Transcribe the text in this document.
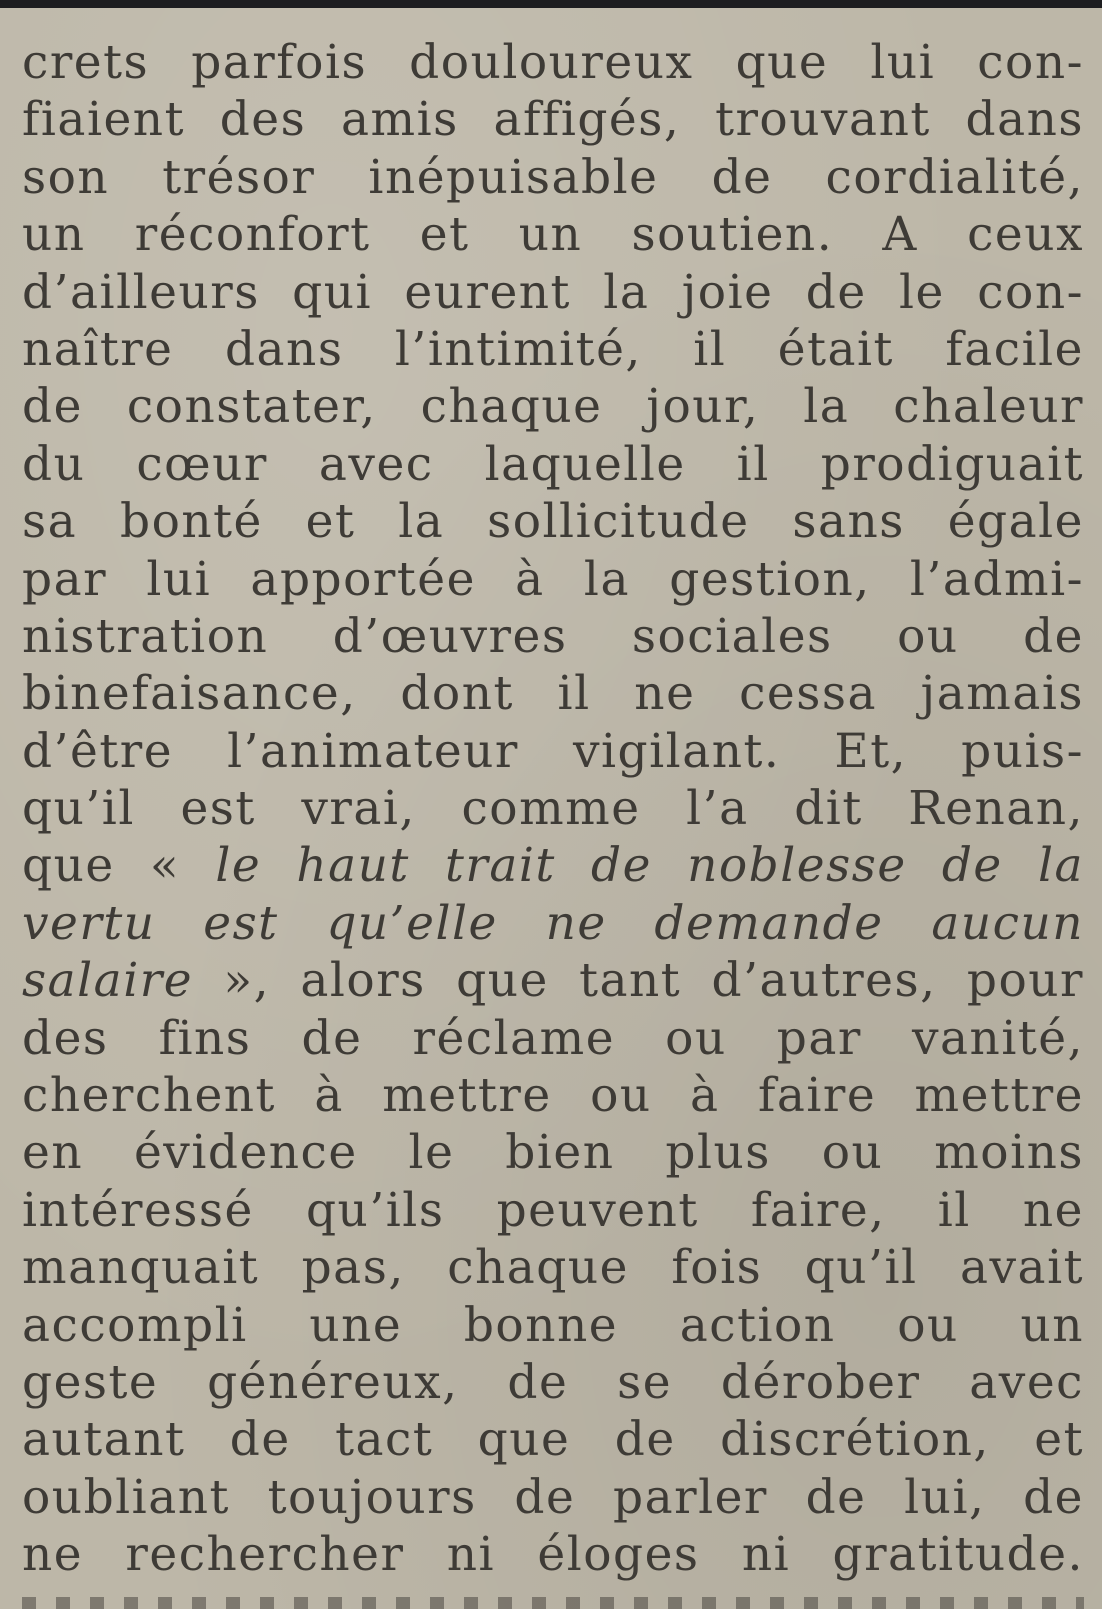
crets parfois douloureux que lui con-
fiaient des amis affigés, trouvant dans
son trésor inépuisable de cordialité,
un réconfort et un soutien. A ceux
d’ailleurs qui eurent la joie de le con-
naître dans l’intimité, il était facile
de constater, chaque jour, la chaleur
du cœur avec laquelle il prodiguait
sa bonté et la sollicitude sans égale
par lui apportée à la gestion, l’admi-
nistration d’œuvres sociales ou de
binefaisance, dont il ne cessa jamais
d’être l’animateur vigilant. Et, puis-
qu’il est vrai, comme l’a dit Renan,
que « le haut trait de noblesse de la
vertu est qu’elle ne demande aucun
salaire », alors que tant d’autres, pour
des fins de réclame ou par vanité,
cherchent à mettre ou à faire mettre
en évidence le bien plus ou moins
intéressé qu’ils peuvent faire, il ne
manquait pas, chaque fois qu’il avait
accompli une bonne action ou un
geste généreux, de se dérober avec
autant de tact que de discrétion, et
oubliant toujours de parler de lui, de
ne rechercher ni éloges ni gratitude.
